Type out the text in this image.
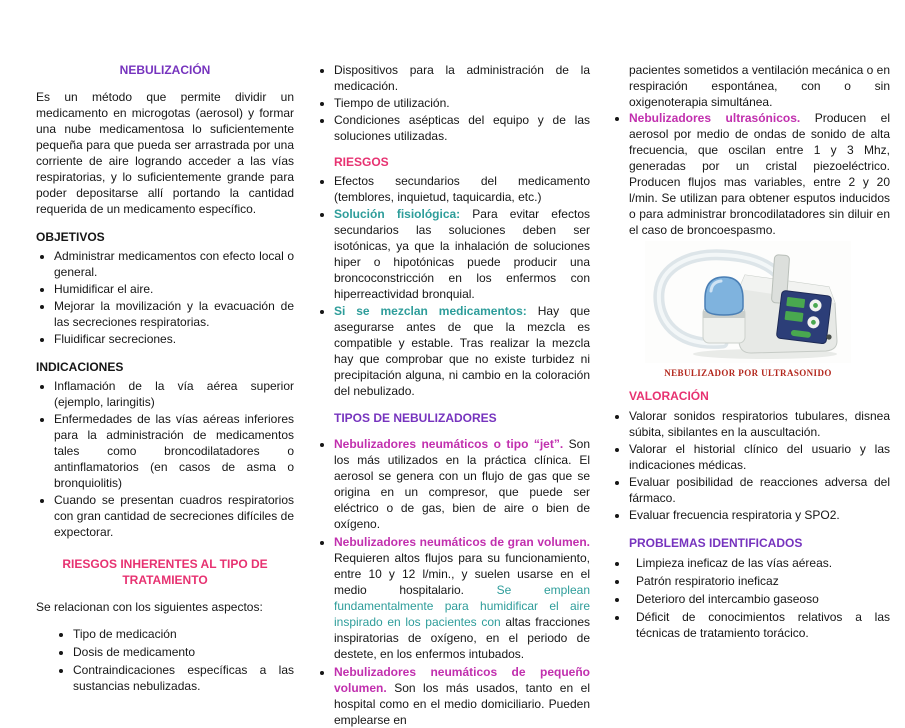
NEBULIZACIÓN

Es un método que permite dividir un medicamento en microgotas (aerosol) y formar una nube medicamentosa lo suficientemente pequeña para que pueda ser arrastrada por una corriente de aire logrando acceder a las vías respiratorias, y lo suficientemente grande para poder depositarse allí portando la cantidad requerida de un medicamento específico.

OBJETIVOS
• Administrar medicamentos con efecto local o general.
• Humidificar el aire.
• Mejorar la movilización y la evacuación de las secreciones respiratorias.
• Fluidificar secreciones.
INDICACIONES
• Inflamación de la vía aérea superior (ejemplo, laringitis)
• Enfermedades de las vías aéreas inferiores para la administración de medicamentos tales como broncodilatadores o antinflamatorios (en casos de asma o bronquiolitis)
• Cuando se presentan cuadros respiratorios con gran cantidad de secreciones difíciles de expectorar.
RIESGOS INHERENTES AL TIPO DE TRATAMIENTO

Se relacionan con los siguientes aspectos:

• Tipo de medicación
• Dosis de medicamento
• Contraindicaciones específicas a las sustancias nebulizadas.
• Dispositivos para la administración de la medicación.
• Tiempo de utilización.
• Condiciones asépticas del equipo y de las soluciones utilizadas.
RIESGOS
• Efectos secundarios del medicamento (temblores, inquietud, taquicardia, etc.)
• Solución fisiológica: Para evitar efectos secundarios las soluciones deben ser isotónicas, ya que la inhalación de soluciones hiper o hipotónicas puede producir una broncoconstricción en los enfermos con hiperreactividad bronquial.
• Si se mezclan medicamentos: Hay que asegurarse antes de que la mezcla es compatible y estable. Tras realizar la mezcla hay que comprobar que no existe turbidez ni precipitación alguna, ni cambio en la coloración del nebulizado.
TIPOS DE NEBULIZADORES
• Nebulizadores neumáticos o tipo “jet”. Son los más utilizados en la práctica clínica. El aerosol se genera con un flujo de gas que se origina en un compresor, que puede ser eléctrico o de gas, bien de aire o bien de oxígeno.
• Nebulizadores neumáticos de gran volumen. Requieren altos flujos para su funcionamiento, entre 10 y 12 l/min., y suelen usarse en el medio hospitalario. Se emplean fundamentalmente para humidificar el aire inspirado en los pacientes con altas fracciones inspiratorias de oxígeno, en el periodo de destete, en los enfermos intubados.
• Nebulizadores neumáticos de pequeño volumen. Son los más usados, tanto en el hospital como en el medio domiciliario. Pueden emplearse en

pacientes sometidos a ventilación mecánica o en respiración espontánea, con o sin oxigenoterapia simultánea.

• Nebulizadores ultrasónicos. Producen el aerosol por medio de ondas de sonido de alta frecuencia, que oscilan entre 1 y 3 Mhz, generadas por un cristal piezoeléctrico. Producen flujos mas variables, entre 2 y 20 l/min. Se utilizan para obtener esputos inducidos o para administrar broncodilatadores sin diluir en el caso de broncoespasmo.
NEBULIZADOR POR ULTRASONIDO
VALORACIÓN
• Valorar sonidos respiratorios tubulares, disnea súbita, sibilantes en la auscultación.
• Valorar el historial clínico del usuario y las indicaciones médicas.
• Evaluar posibilidad de reacciones adversa del fármaco.
• Evaluar frecuencia respiratoria y SPO2.
PROBLEMAS IDENTIFICADOS
• Limpieza ineficaz de las vías aéreas.
• Patrón respiratorio ineficaz
• Deterioro del intercambio gaseoso
• Déficit de conocimientos relativos a las técnicas de tratamiento torácico.
